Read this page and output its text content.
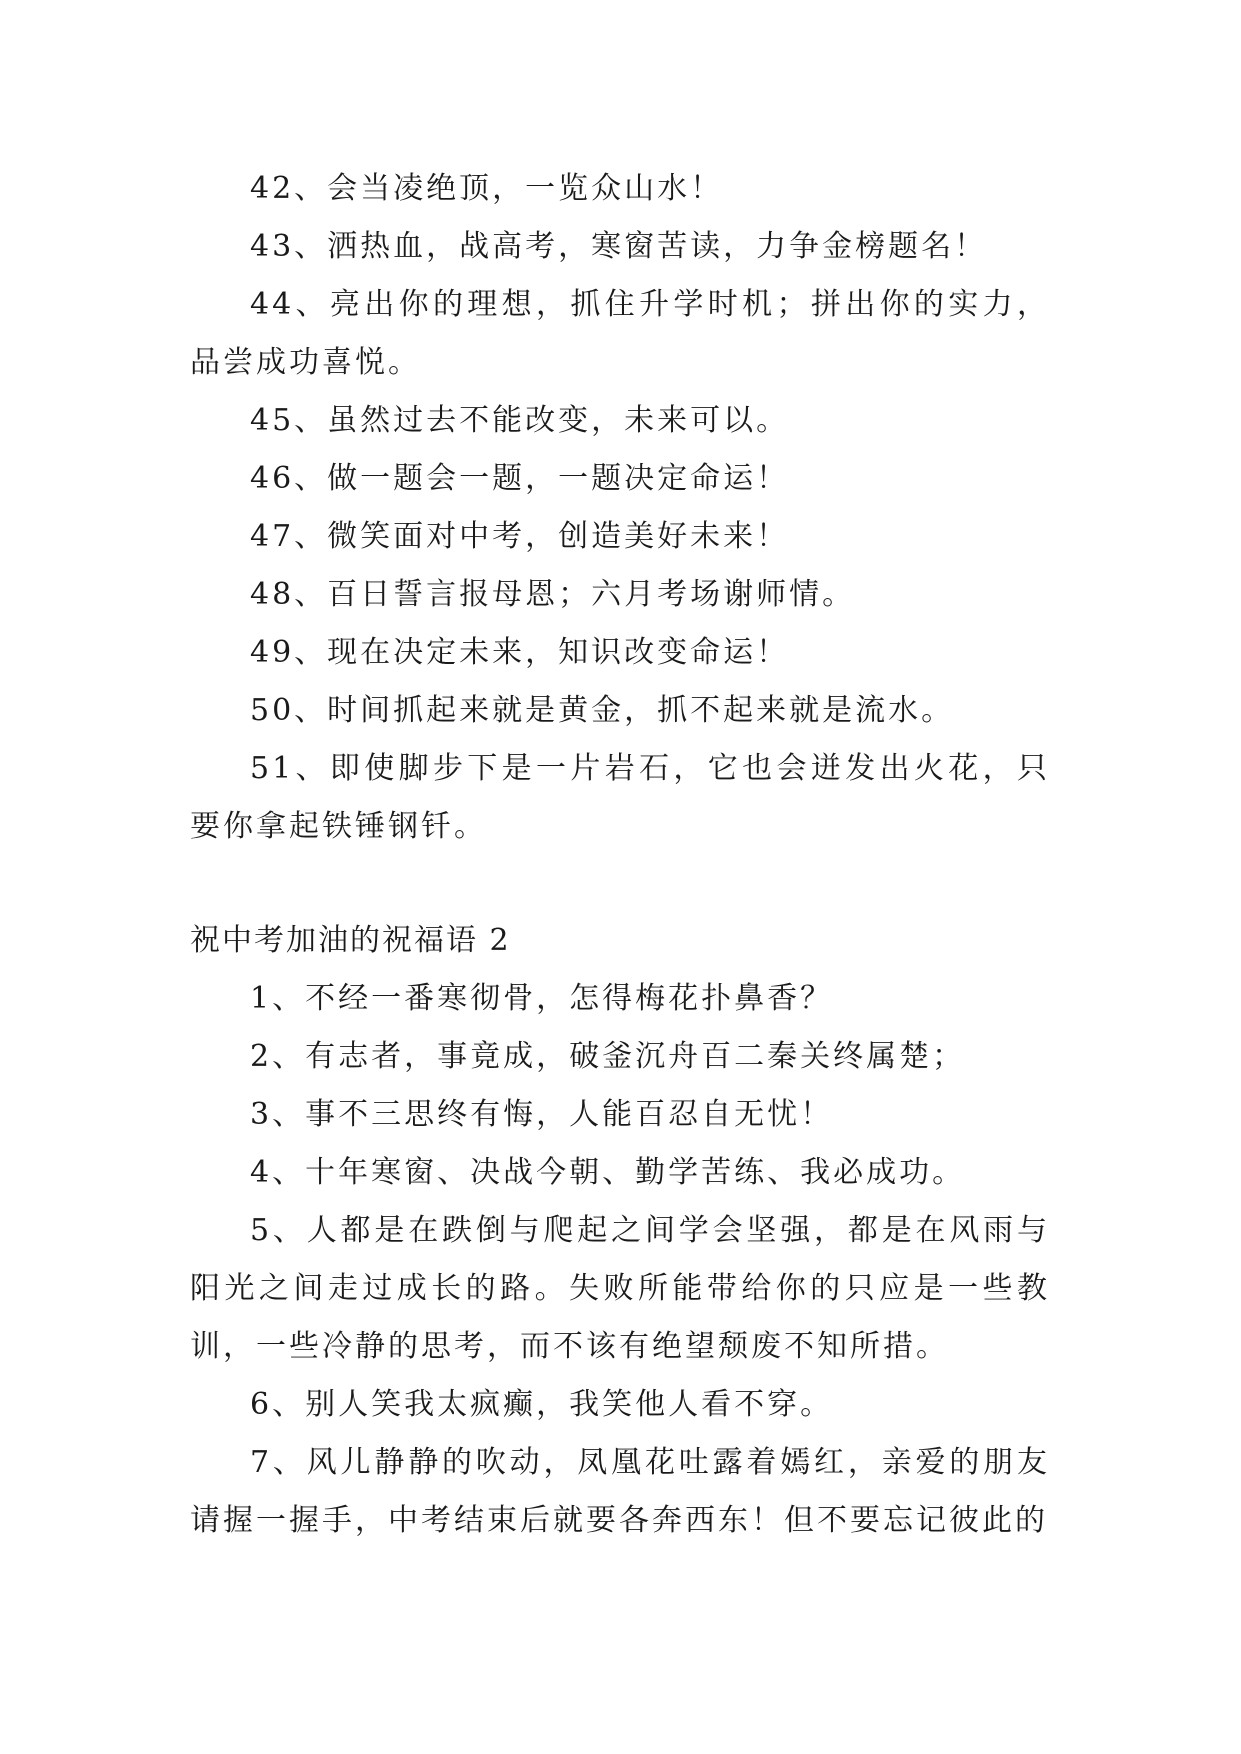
42、会当凌绝顶，一览众山水！

43、洒热血，战高考，寒窗苦读，力争金榜题名！

44、亮出你的理想，抓住升学时机；拼出你的实力，品尝成功喜悦。

45、虽然过去不能改变，未来可以。

46、做一题会一题，一题决定命运！

47、微笑面对中考，创造美好未来！

48、百日誓言报母恩；六月考场谢师情。

49、现在决定未来，知识改变命运！

50、时间抓起来就是黄金，抓不起来就是流水。

51、即使脚步下是一片岩石，它也会迸发出火花，只要你拿起铁锤钢钎。

祝中考加油的祝福语 2

1、不经一番寒彻骨，怎得梅花扑鼻香？

2、有志者，事竟成，破釜沉舟百二秦关终属楚；

3、事不三思终有悔，人能百忍自无忧！

4、十年寒窗、决战今朝、勤学苦练、我必成功。

5、人都是在跌倒与爬起之间学会坚强，都是在风雨与阳光之间走过成长的路。失败所能带给你的只应是一些教训，一些冷静的思考，而不该有绝望颓废不知所措。

6、别人笑我太疯癫，我笑他人看不穿。

7、风儿静静的吹动，凤凰花吐露着嫣红，亲爱的朋友请握一握手，中考结束后就要各奔西东！但不要忘记彼此的
